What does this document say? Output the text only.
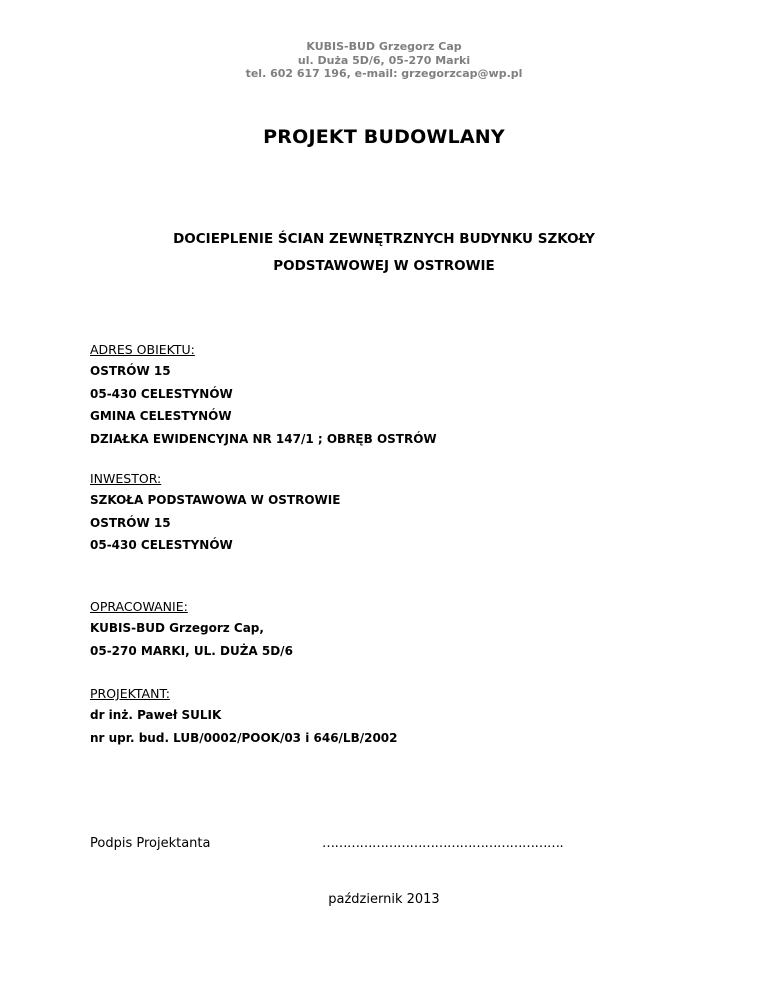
KUBIS-BUD Grzegorz Cap
ul. Duża 5D/6, 05-270 Marki
tel. 602 617 196, e-mail: grzegorzcap@wp.pl
PROJEKT BUDOWLANY
DOCIEPLENIE ŚCIAN ZEWNĘTRZNYCH BUDYNKU SZKOŁY
PODSTAWOWEJ W OSTROWIE
ADRES OBIEKTU:
OSTRÓW 15
05-430 CELESTYNÓW
GMINA CELESTYNÓW
DZIAŁKA EWIDENCYJNA NR 147/1 ; OBRĘB OSTRÓW
INWESTOR:
SZKOŁA PODSTAWOWA W OSTROWIE
OSTRÓW 15
05-430 CELESTYNÓW
OPRACOWANIE:
KUBIS-BUD Grzegorz Cap,
05-270 MARKI, UL. DUŻA 5D/6
PROJEKTANT:
dr inż. Paweł SULIK
nr upr. bud. LUB/0002/POOK/03 i 646/LB/2002
Podpis Projektanta	………………………………………………….
październik 2013
